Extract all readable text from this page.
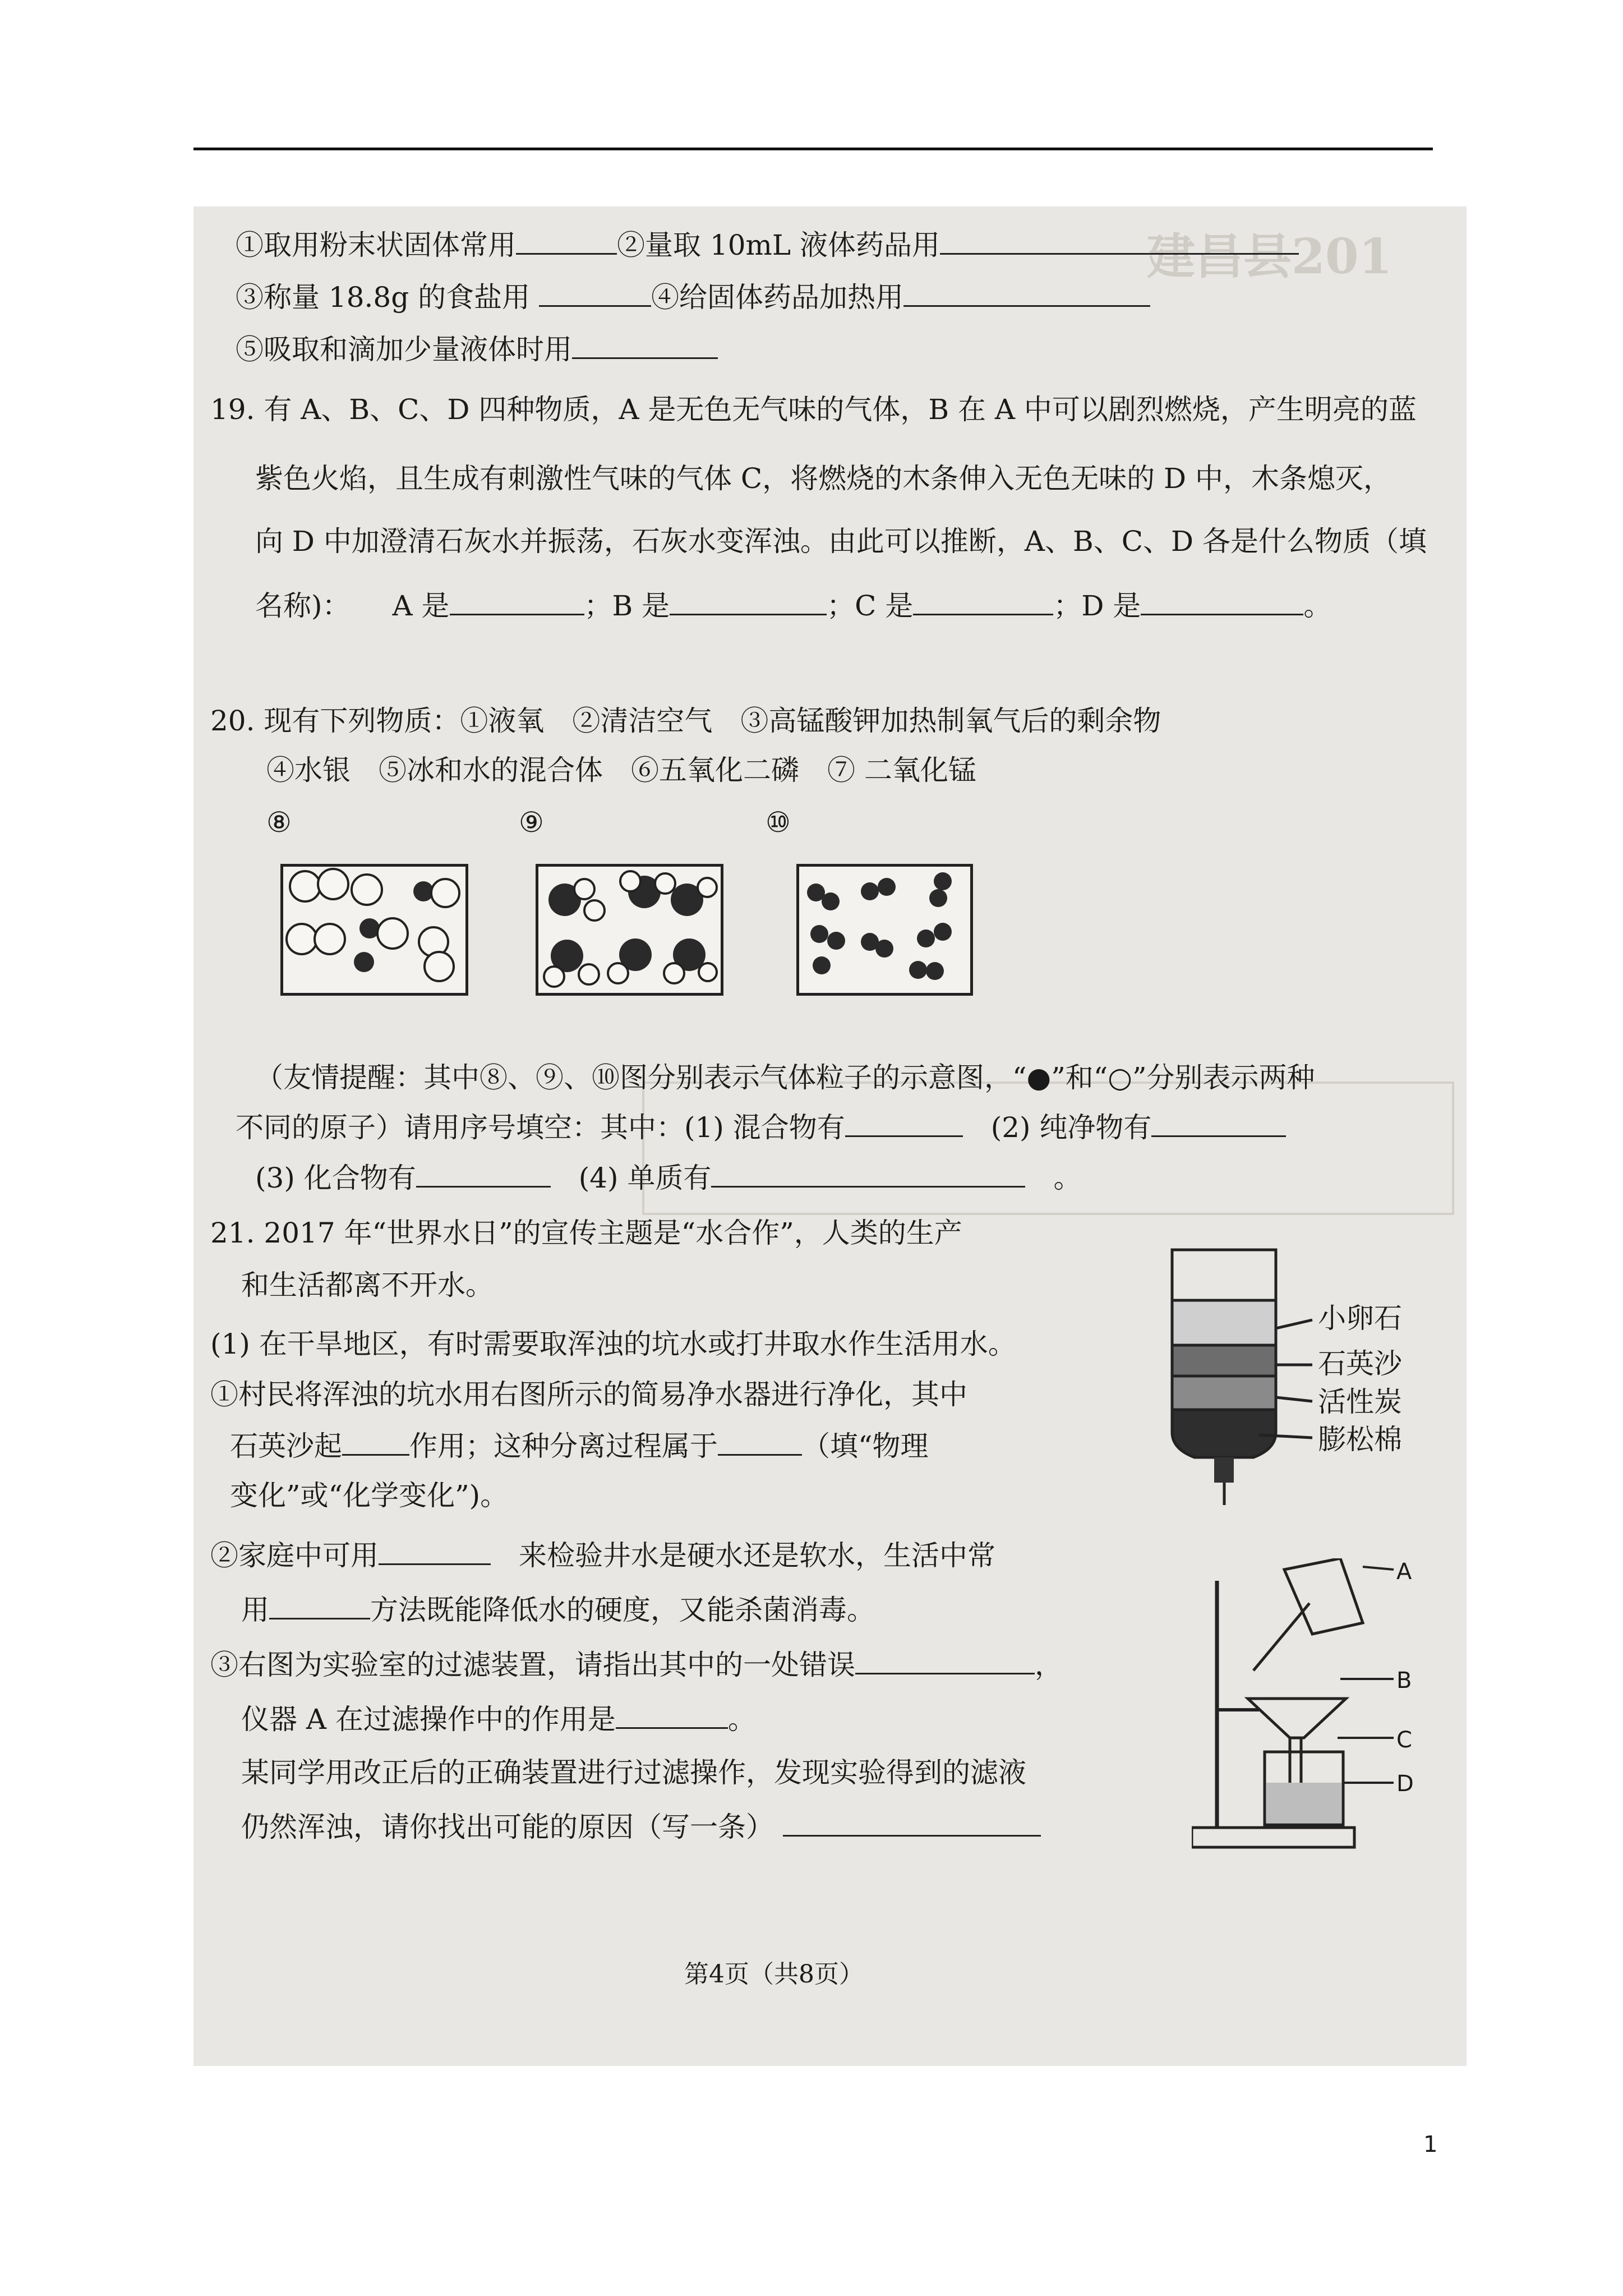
建昌县201
①取用粉末状固体常用	②量取 10mL 液体药品用
③称量 18.8g 的食盐用	④给固体药品加热用
⑤吸取和滴加少量液体时用
19. 有 A、B、C、D 四种物质，A 是无色无气味的气体，B 在 A 中可以剧烈燃烧，产生明亮的蓝
紫色火焰，且生成有刺激性气味的气体 C，将燃烧的木条伸入无色无味的 D 中，木条熄灭，
向 D 中加澄清石灰水并振荡，石灰水变浑浊。由此可以推断，A、B、C、D 各是什么物质（填
名称)：　　 A 是	；B 是	；C 是	；D 是	。
20. 现有下列物质：①液氧　②清洁空气　③高锰酸钾加热制氧气后的剩余物
④水银　⑤冰和水的混合体　⑥五氧化二磷　⑦ 二氧化锰
⑧	⑨	⑩
（友情提醒：其中⑧、⑨、⑩图分别表示气体粒子的示意图，“●”和“○”分别表示两种
不同的原子）请用序号填空：其中：(1) 混合物有　	(2) 纯净物有
(3) 化合物有　	(4) 单质有　	。
21. 2017 年“世界水日”的宣传主题是“水合作”，人类的生产
和生活都离不开水。
(1) 在干旱地区，有时需要取浑浊的坑水或打井取水作生活用水。
①村民将浑浊的坑水用右图所示的简易净水器进行净化，其中
石英沙起 作用；这种分离过程属于	（填“物理
变化”或“化学变化”)。
②家庭中可用　	来检验井水是硬水还是软水，生活中常
用	方法既能降低水的硬度，又能杀菌消毒。
③右图为实验室的过滤装置，请指出其中的一处错误	，
仪器 A 在过滤操作中的作用是	。
某同学用改正后的正确装置进行过滤操作，发现实验得到的滤液
仍然浑浊，请你找出可能的原因（写一条）
小卵石
石英沙
活性炭
膨松棉
A
B
C
D
第4页（共8页）
1
